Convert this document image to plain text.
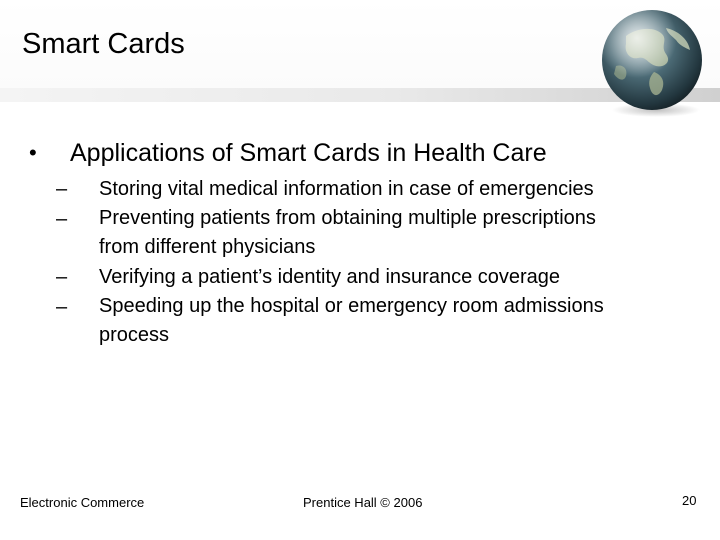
Smart Cards
• Applications of Smart Cards in Health Care
–	Storing vital medical information in case of emergencies
–	Preventing patients from obtaining multiple prescriptions
from different physicians
–	Verifying a patient’s identity and insurance coverage
–	Speeding up the hospital or emergency room admissions
process
Electronic Commerce	Prentice Hall © 2006	20
